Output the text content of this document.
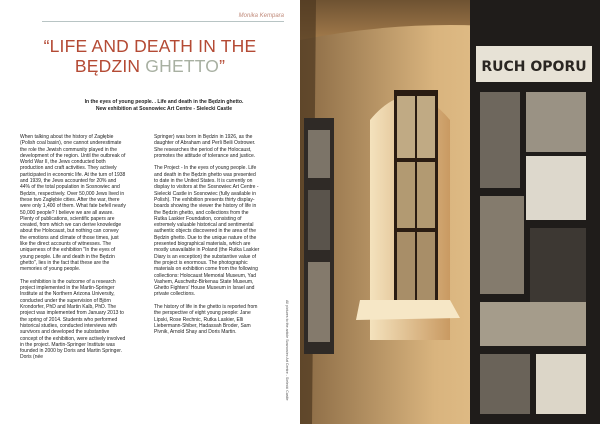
Monika Kempara
“LIFE AND DEATH IN THE
BĘDZIN GHETTO”
In the eyes of young people. . Life and death in the Będzin ghetto.
New exhibition at Sosnowiec Art Centre - Sielecki Castle

When talking about the history of Zagłębie (Polish coal basin), one cannot underestimate the role the Jewish community played in the development of the region. Until the outbreak of World War II, the Jews conducted both production and craft activities. They actively participated in economic life. At the turn of 1938 and 1939, the Jews accounted for 20% and 44% of the total population in Sosnowiec and Będzin, respectively. Over 50,000 Jews lived in these two Zagłębie cities. After the war, there were only 1,400 of them. What fate befell nearly 50,000 people? I believe we are all aware. Plenty of publications, scientific papers are created, from which we can derive knowledge about the Holocaust, but nothing can convey the emotions and climate of those times, just like the direct accounts of witnesses. The uniqueness of the exhibition "In the eyes of young people. Life and death in the Będzin ghetto", lies in the fact that these are the memories of young people.

The exhibition is the outcome of a research project implemented in the Martin-Springer Institute at the Northern Arizona University, conducted under the supervision of Björn Krondorfer, PhD and Martin Kalb, PhD. The project was implemented from January 2013 to the spring of 2014. Students who performed historical studies, conducted interviews with survivors and developed the substantive concept of the exhibition, were actively involved in the project. Martin-Springer Institute was founded in 2000 by Doris and Martin Springer. Doris (née

Springer) was born in Będzin in 1926, as the daughter of Abraham and Perli Beili Ostrower. She researches the period of the Holocaust, promotes the attitude of tolerance and justice.

The Project - In the eyes of young people. Life and death in the Będzin ghetto was presented to date in the United States. It is currently on display to visitors at the Sosnowiec Art Centre - Sielecki Castle in Sosnowiec (fully available in Polish). The exhibition presents thirty display-boards showing the viewer the history of life in the Będzin ghetto, and collections from the Rutka Laskier Foundation, consisting of extremely valuable historical and sentimental authentic objects discovered in the area of the Będzin ghetto. Due to the unique nature of the presented biographical materials, which are mostly unavailable in Poland (the Rutka Laskier Diary is an exception) the substantive value of the project is enormous. The photographic materials on exhibition come from the following collections: Holocaust Memorial Museum, Yad Vashem, Auschwitz-Birkenau State Museum, Ghetto Fighters' House Museum in Israel and private collections.

The history of life in the ghetto is reported from the perspective of eight young people: Jane Lipski, Rose Rechnic, Rutka Laskier, Elli Liebermann-Shiber, Hadassah Broder, Sam Pivnik, Arnold Shay and Doris Martin.	All pictures to the article Sosnowiec Art Centre - Sielecki Castle
RUCH OPORU
